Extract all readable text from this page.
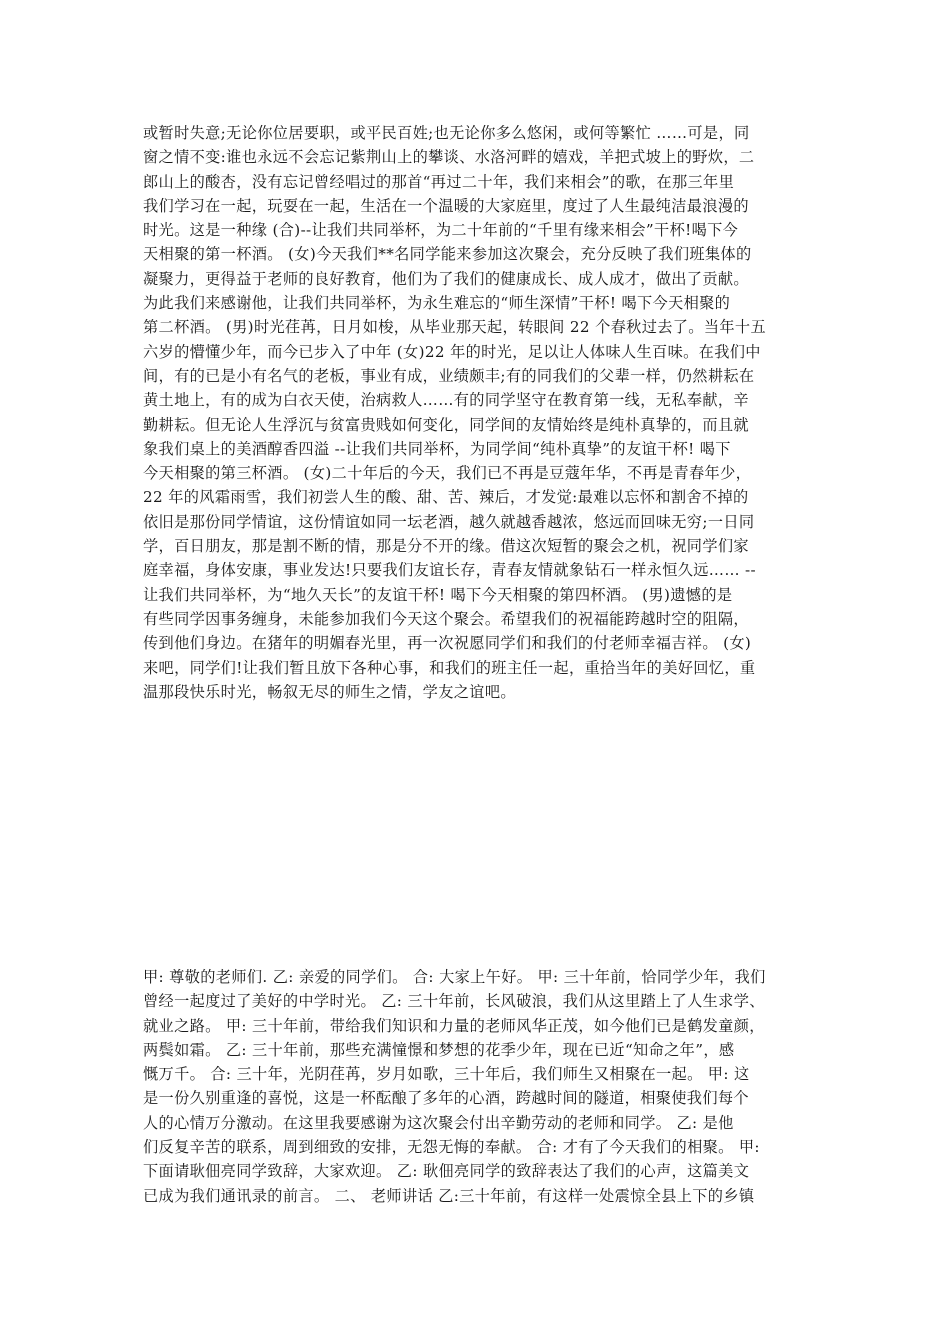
或暂时失意;无论你位居要职，或平民百姓;也无论你多么悠闲，或何等繁忙 ……可是，同
窗之情不变:谁也永远不会忘记紫荆山上的攀谈、水洛河畔的嬉戏，羊把式坡上的野炊，二
郎山上的酸杏，没有忘记曾经唱过的那首“再过二十年，我们来相会”的歌，在那三年里
我们学习在一起，玩耍在一起，生活在一个温暖的大家庭里，度过了人生最纯洁最浪漫的
时光。这是一种缘 (合)--让我们共同举杯，为二十年前的“千里有缘来相会”干杯!喝下今
天相聚的第一杯酒。 (女)今天我们**名同学能来参加这次聚会，充分反映了我们班集体的
凝聚力，更得益于老师的良好教育，他们为了我们的健康成长、成人成才，做出了贡献。
为此我们来感谢他，让我们共同举杯，为永生难忘的“师生深情”干杯! 喝下今天相聚的
第二杯酒。 (男)时光荏苒，日月如梭，从毕业那天起，转眼间 22 个春秋过去了。当年十五
六岁的懵懂少年，而今已步入了中年 (女)22 年的时光，足以让人体味人生百味。在我们中
间，有的已是小有名气的老板，事业有成，业绩颇丰;有的同我们的父辈一样，仍然耕耘在
黄土地上，有的成为白衣天使，治病救人……有的同学坚守在教育第一线，无私奉献，辛
勤耕耘。但无论人生浮沉与贫富贵贱如何变化，同学间的友情始终是纯朴真挚的，而且就
象我们桌上的美酒醇香四溢 --让我们共同举杯，为同学间“纯朴真挚”的友谊干杯! 喝下
今天相聚的第三杯酒。 (女)二十年后的今天，我们已不再是豆蔻年华，不再是青春年少，
22 年的风霜雨雪，我们初尝人生的酸、甜、苦、辣后，才发觉:最难以忘怀和割舍不掉的
依旧是那份同学情谊，这份情谊如同一坛老酒，越久就越香越浓，悠远而回味无穷;一日同
学，百日朋友，那是割不断的情，那是分不开的缘。借这次短暂的聚会之机，祝同学们家
庭幸福，身体安康，事业发达!只要我们友谊长存，青春友情就象钻石一样永恒久远…… --
让我们共同举杯，为“地久天长”的友谊干杯! 喝下今天相聚的第四杯酒。 (男)遗憾的是
有些同学因事务缠身，未能参加我们今天这个聚会。希望我们的祝福能跨越时空的阻隔，
传到他们身边。在猪年的明媚春光里，再一次祝愿同学们和我们的付老师幸福吉祥。 (女)
来吧，同学们!让我们暂且放下各种心事，和我们的班主任一起，重拾当年的美好回忆，重
温那段快乐时光，畅叙无尽的师生之情，学友之谊吧。
甲: 尊敬的老师们. 乙: 亲爱的同学们。 合: 大家上午好。 甲: 三十年前，恰同学少年，我们
曾经一起度过了美好的中学时光。 乙: 三十年前，长风破浪，我们从这里踏上了人生求学、
就业之路。 甲: 三十年前，带给我们知识和力量的老师风华正茂，如今他们已是鹤发童颜，
两鬓如霜。 乙: 三十年前，那些充满憧憬和梦想的花季少年，现在已近“知命之年”，感
慨万千。 合: 三十年，光阴荏苒，岁月如歌，三十年后，我们师生又相聚在一起。 甲: 这
是一份久别重逢的喜悦，这是一杯酝酿了多年的心酒，跨越时间的隧道，相聚使我们每个
人的心情万分激动。在这里我要感谢为这次聚会付出辛勤劳动的老师和同学。 乙: 是他
们反复辛苦的联系，周到细致的安排，无怨无悔的奉献。 合: 才有了今天我们的相聚。 甲:
下面请耿佃亮同学致辞，大家欢迎。 乙: 耿佃亮同学的致辞表达了我们的心声，这篇美文
已成为我们通讯录的前言。 二、 老师讲话 乙:三十年前，有这样一处震惊全县上下的乡镇
